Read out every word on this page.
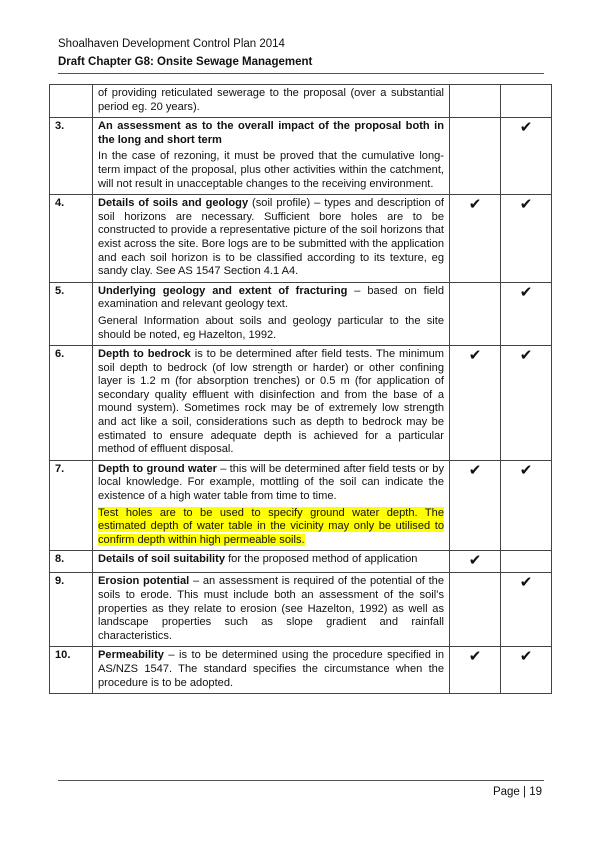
Shoalhaven Development Control Plan 2014
Draft Chapter G8: Onsite Sewage Management

	of providing reticulated sewerage to the proposal (over a substantial period eg. 20 years).		

3.	An assessment as to the overall impact of the proposal both in the long and short term
In the case of rezoning, it must be proved that the cumulative long-term impact of the proposal, plus other activities within the catchment, will not result in unacceptable changes to the receiving environment.		✔
4.	Details of soils and geology (soil profile) – types and description of soil horizons are necessary. Sufficient bore holes are to be constructed to provide a representative picture of the soil horizons that exist across the site. Bore logs are to be submitted with the application and each soil horizon is to be classified according to its texture, eg sandy clay. See AS 1547 Section 4.1 A4.	✔	✔
5.	Underlying geology and extent of fracturing – based on field examination and relevant geology text.
General Information about soils and geology particular to the site should be noted, eg Hazelton, 1992.		✔
6.	Depth to bedrock is to be determined after field tests. The minimum soil depth to bedrock (of low strength or harder) or other confining layer is 1.2 m (for absorption trenches) or 0.5 m (for application of secondary quality effluent with disinfection and from the base of a mound system). Sometimes rock may be of extremely low strength and act like a soil, considerations such as depth to bedrock may be estimated to ensure adequate depth is achieved for a particular method of effluent disposal.	✔	✔
7.	Depth to ground water – this will be determined after field tests or by local knowledge. For example, mottling of the soil can indicate the existence of a high water table from time to time.
Test holes are to be used to specify ground water depth. The estimated depth of water table in the vicinity may only be utilised to confirm depth within high permeable soils.	✔	✔
8.	Details of soil suitability for the proposed method of application	✔	
9.	Erosion potential – an assessment is required of the potential of the soils to erode. This must include both an assessment of the soil’s properties as they relate to erosion (see Hazelton, 1992) as well as landscape properties such as slope gradient and rainfall characteristics.		✔
10.	Permeability – is to be determined using the procedure specified in AS/NZS 1547. The standard specifies the circumstance when the procedure is to be adopted.	✔	✔
Page | 19
